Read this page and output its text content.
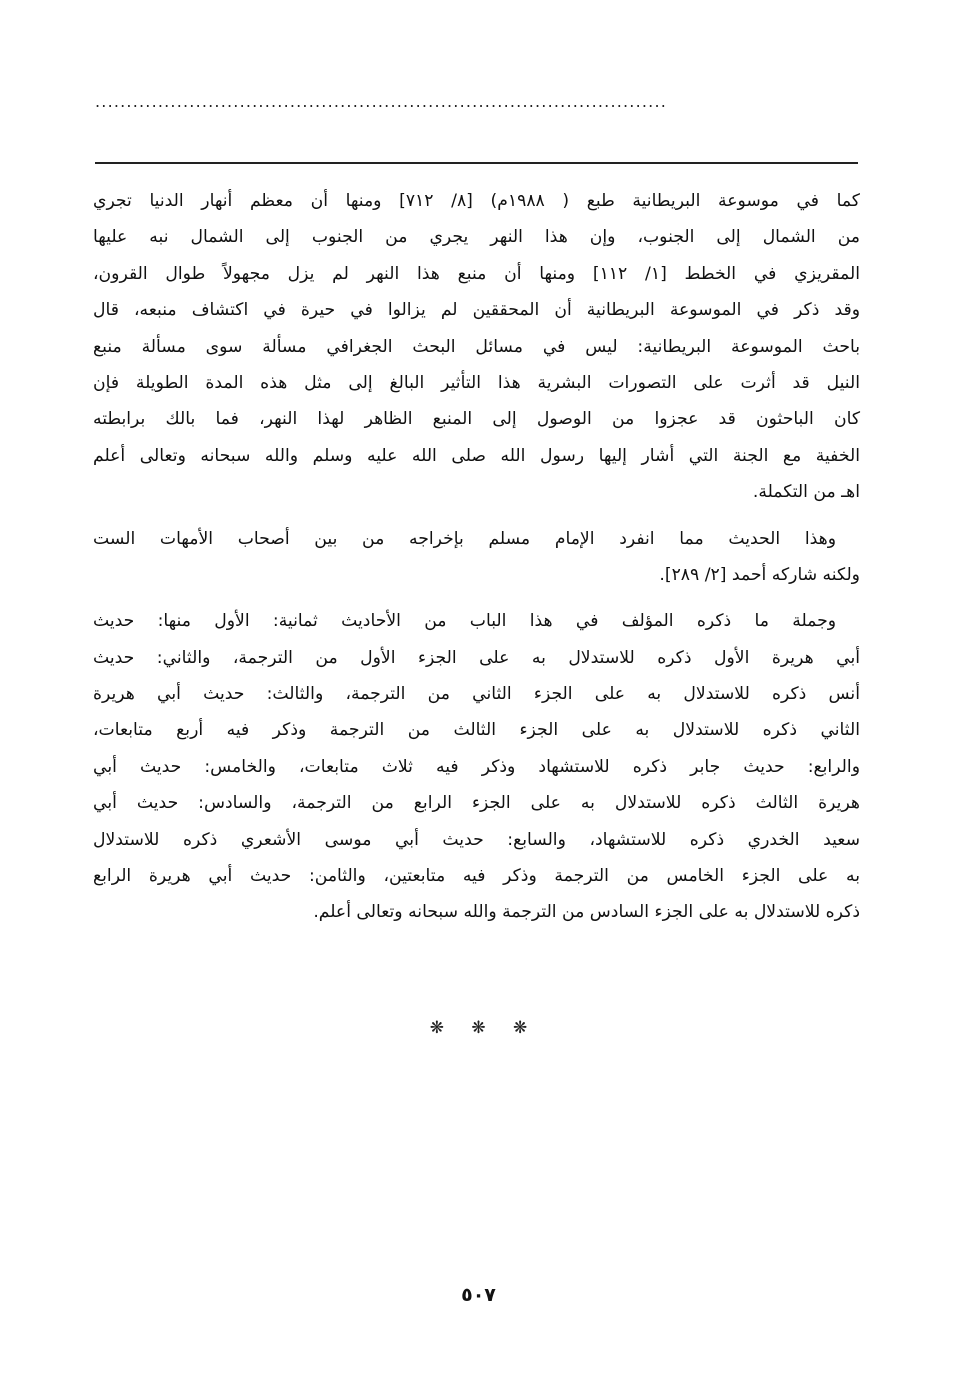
...........................................................................................
كما في موسوعة البريطانية طبع ( ١٩٨٨م) [٨/ ٧١٢] ومنها أن معظم أنهار الدنيا تجري
من الشمال إلى الجنوب، وإن هذا النهر يجري من الجنوب إلى الشمال نبه عليها
المقريزي في الخطط [١/ ١١٢] ومنها أن منبع هذا النهر لم يزل مجهولاً طوال القرون،
وقد ذكر في الموسوعة البريطانية أن المحققين لم يزالوا في حيرة في اكتشاف منبعه، قال
باحث الموسوعة البريطانية: ليس في مسائل البحث الجغرافي مسألة سوى مسألة منبع
النيل قد أثرت على التصورات البشرية هذا التأثير البالغ إلى مثل هذه المدة الطويلة فإن
كان الباحثون قد عجزوا من الوصول إلى المنبع الظاهر لهذا النهر، فما بالك برابطته
الخفية مع الجنة التي أشار إليها رسول الله صلى الله عليه وسلم والله سبحانه وتعالى أعلم
اهـ من التكملة.
وهذا الحديث مما انفرد الإمام مسلم بإخراجه من بين أصحاب الأمهات الست
ولكنه شاركه أحمد [٢/ ٢٨٩].
وجملة ما ذكره المؤلف في هذا الباب من الأحاديث ثمانية: الأول منها: حديث
أبي هريرة الأول ذكره للاستدلال به على الجزء الأول من الترجمة، والثاني: حديث
أنس ذكره للاستدلال به على الجزء الثاني من الترجمة، والثالث: حديث أبي هريرة
الثاني ذكره للاستدلال به على الجزء الثالث من الترجمة وذكر فيه أربع متابعات،
والرابع: حديث جابر ذكره للاستشهاد وذكر فيه ثلاث متابعات، والخامس: حديث أبي
هريرة الثالث ذكره للاستدلال به على الجزء الرابع من الترجمة، والسادس: حديث أبي
سعيد الخدري ذكره للاستشهاد، والسابع: حديث أبي موسى الأشعري ذكره للاستدلال
به على الجزء الخامس من الترجمة وذكر فيه متابعتين، والثامن: حديث أبي هريرة الرابع
ذكره للاستدلال به على الجزء السادس من الترجمة والله سبحانه وتعالى أعلم.
❋ ❋ ❋
٥٠٧
